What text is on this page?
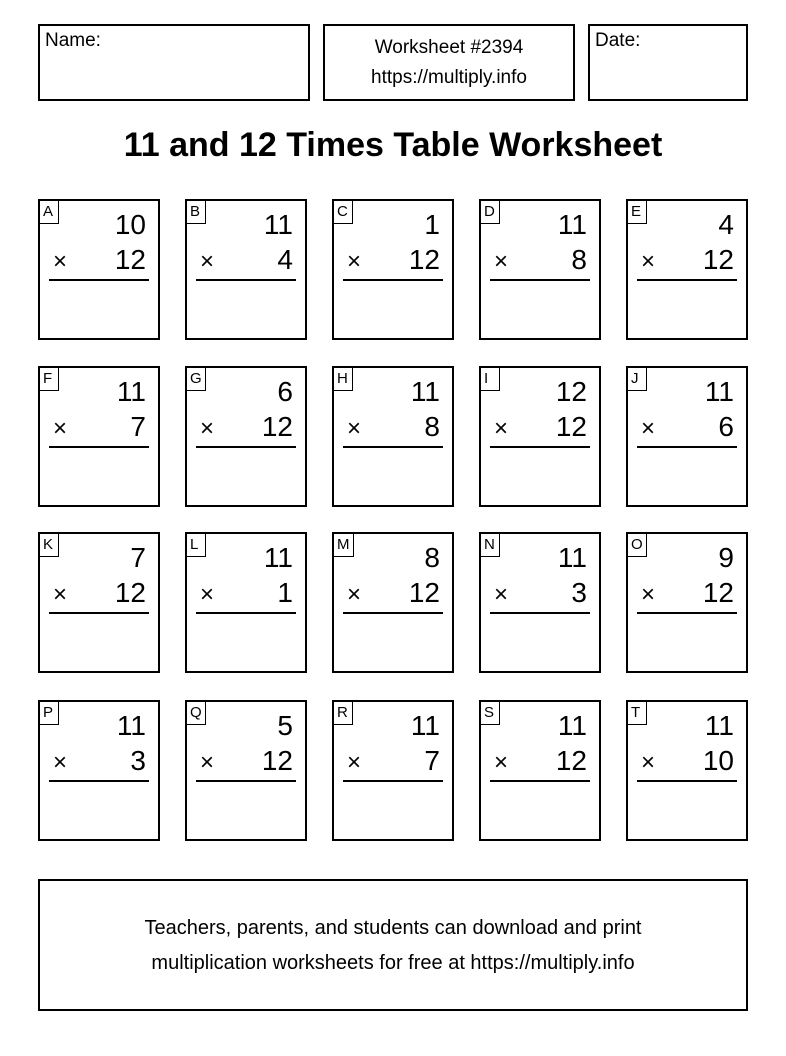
Name:	Worksheet #2394
https://multiply.info
Date:
11 and 12 Times Table Worksheet
A 10
× 12
B 11
× 4
C	1
× 12
D 11
× 8
E	4
× 12
F 11
× 7
G	6
× 12
H 11
× 8
I	12
× 12
J	11
× 6
K	7
× 12
L 11
× 1
M	8
× 12
N 11
× 3
O	9
× 12
P 11
× 3
Q	5
× 12
R 11
× 7
S 11
× 12
T 11
× 10
Teachers, parents, and students can download and print
multiplication worksheets for free at https://multiply.info
